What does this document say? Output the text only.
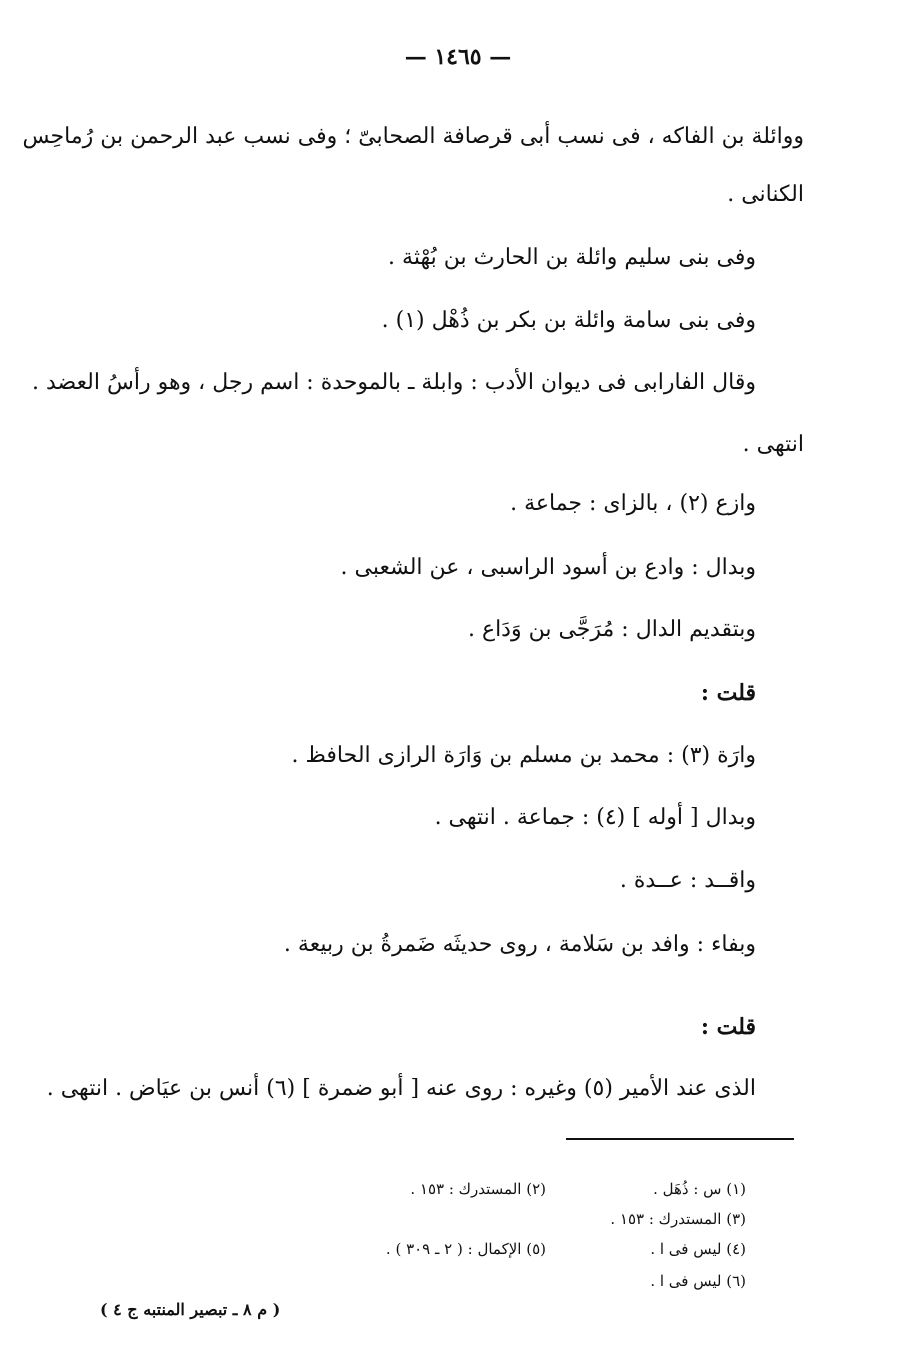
— ١٤٦٥ —
ووائلة بن الفاكه ، فى نسب أبى قرصافة الصحابىّ ؛ وفى نسب عبد الرحمن بن رُماحِس
الكنانى .
وفى بنى سليم وائلة بن الحارث بن بُهْثة .
وفى بنى سامة وائلة بن بكر بن ذُهْل (١) .
وقال الفارابى فى ديوان الأدب : وابلة ـ بالموحدة : اسم رجل ، وهو رأسُ العضد .
انتهى .
وازع (٢) ، بالزاى : جماعة .
وبدال : وادع بن أسود الراسبى ، عن الشعبى .
وبتقديم الدال : مُرَجَّى بن وَدَاع .
قلت :
وارَة (٣) : محمد بن مسلم بن وَارَة الرازى الحافظ .
وبدال [ أوله ] (٤) : جماعة . انتهى .
واقــد : عــدة .
وبفاء : وافد بن سَلامة ، روى حديثَه ضَمرةُ بن ربيعة .
قلت :
الذى عند الأمير (٥) وغيره : روى عنه [ أبو ضمرة ] (٦) أنس بن عيَاض . انتهى .
(١) س : ذُهَل .
(٢) المستدرك : ١٥٣ .
(٣) المستدرك : ١٥٣ .
(٤) ليس فى ا .
(٥) الإكمال : ( ٢ ـ ٣٠٩ ) .
(٦) ليس فى ا .
( م ٨ ـ تبصير المنتبه ج ٤ )
